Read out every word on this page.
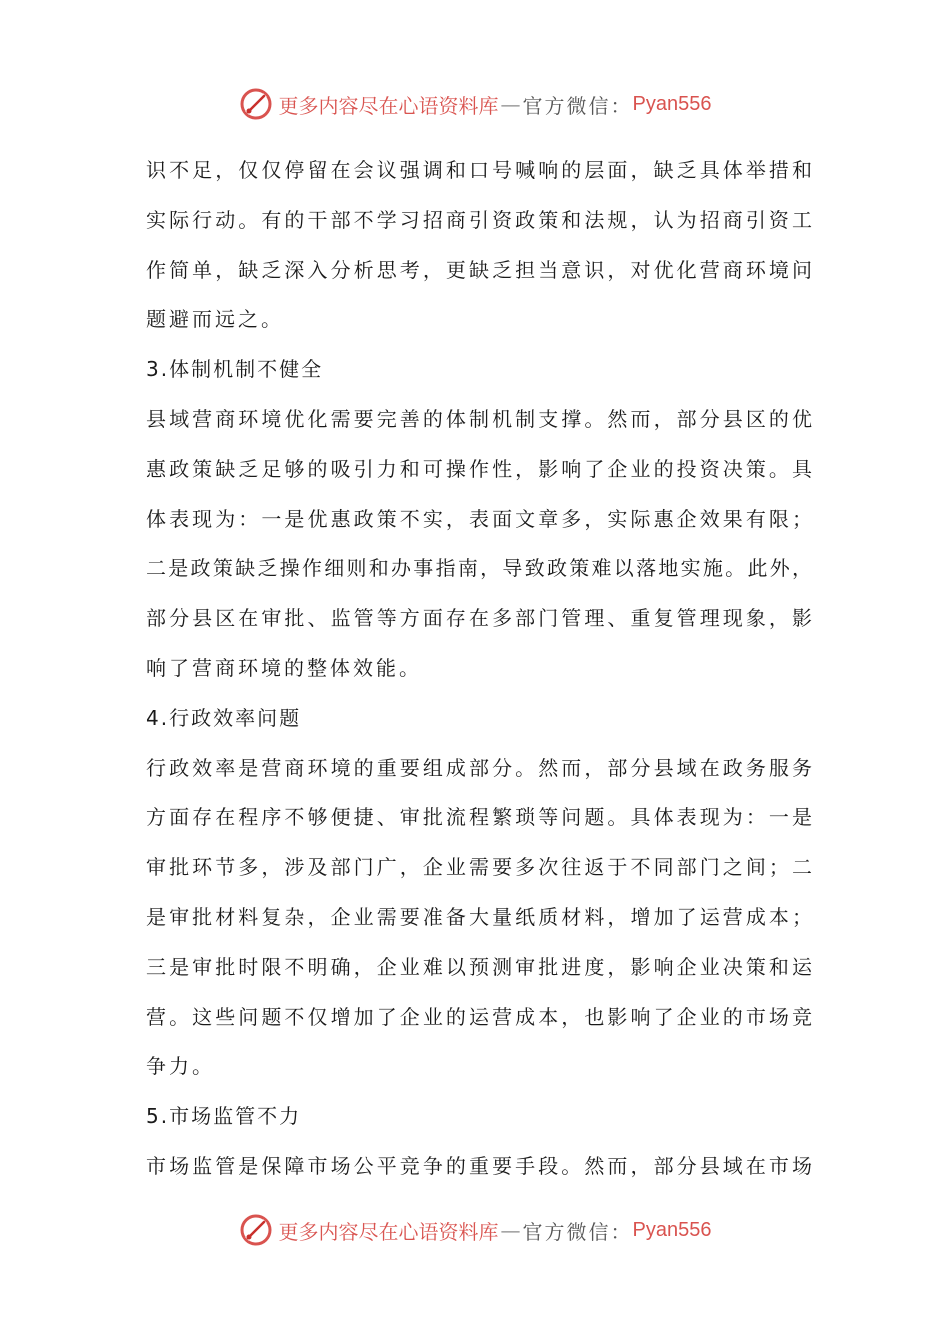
更多内容尽在心语资料库 — 官方微信： Pyan556
识不足，仅仅停留在会议强调和口号喊响的层面，缺乏具体举措和
实际行动。有的干部不学习招商引资政策和法规，认为招商引资工
作简单，缺乏深入分析思考，更缺乏担当意识，对优化营商环境问
题避而远之。
3.体制机制不健全
县域营商环境优化需要完善的体制机制支撑。然而，部分县区的优
惠政策缺乏足够的吸引力和可操作性，影响了企业的投资决策。具
体表现为：一是优惠政策不实，表面文章多，实际惠企效果有限；
二是政策缺乏操作细则和办事指南，导致政策难以落地实施。此外，
部分县区在审批、监管等方面存在多部门管理、重复管理现象，影
响了营商环境的整体效能。
4.行政效率问题
行政效率是营商环境的重要组成部分。然而，部分县域在政务服务
方面存在程序不够便捷、审批流程繁琐等问题。具体表现为：一是
审批环节多，涉及部门广，企业需要多次往返于不同部门之间；二
是审批材料复杂，企业需要准备大量纸质材料，增加了运营成本；
三是审批时限不明确，企业难以预测审批进度，影响企业决策和运
营。这些问题不仅增加了企业的运营成本，也影响了企业的市场竞
争力。
5.市场监管不力
市场监管是保障市场公平竞争的重要手段。然而，部分县域在市场
更多内容尽在心语资料库 — 官方微信： Pyan556
